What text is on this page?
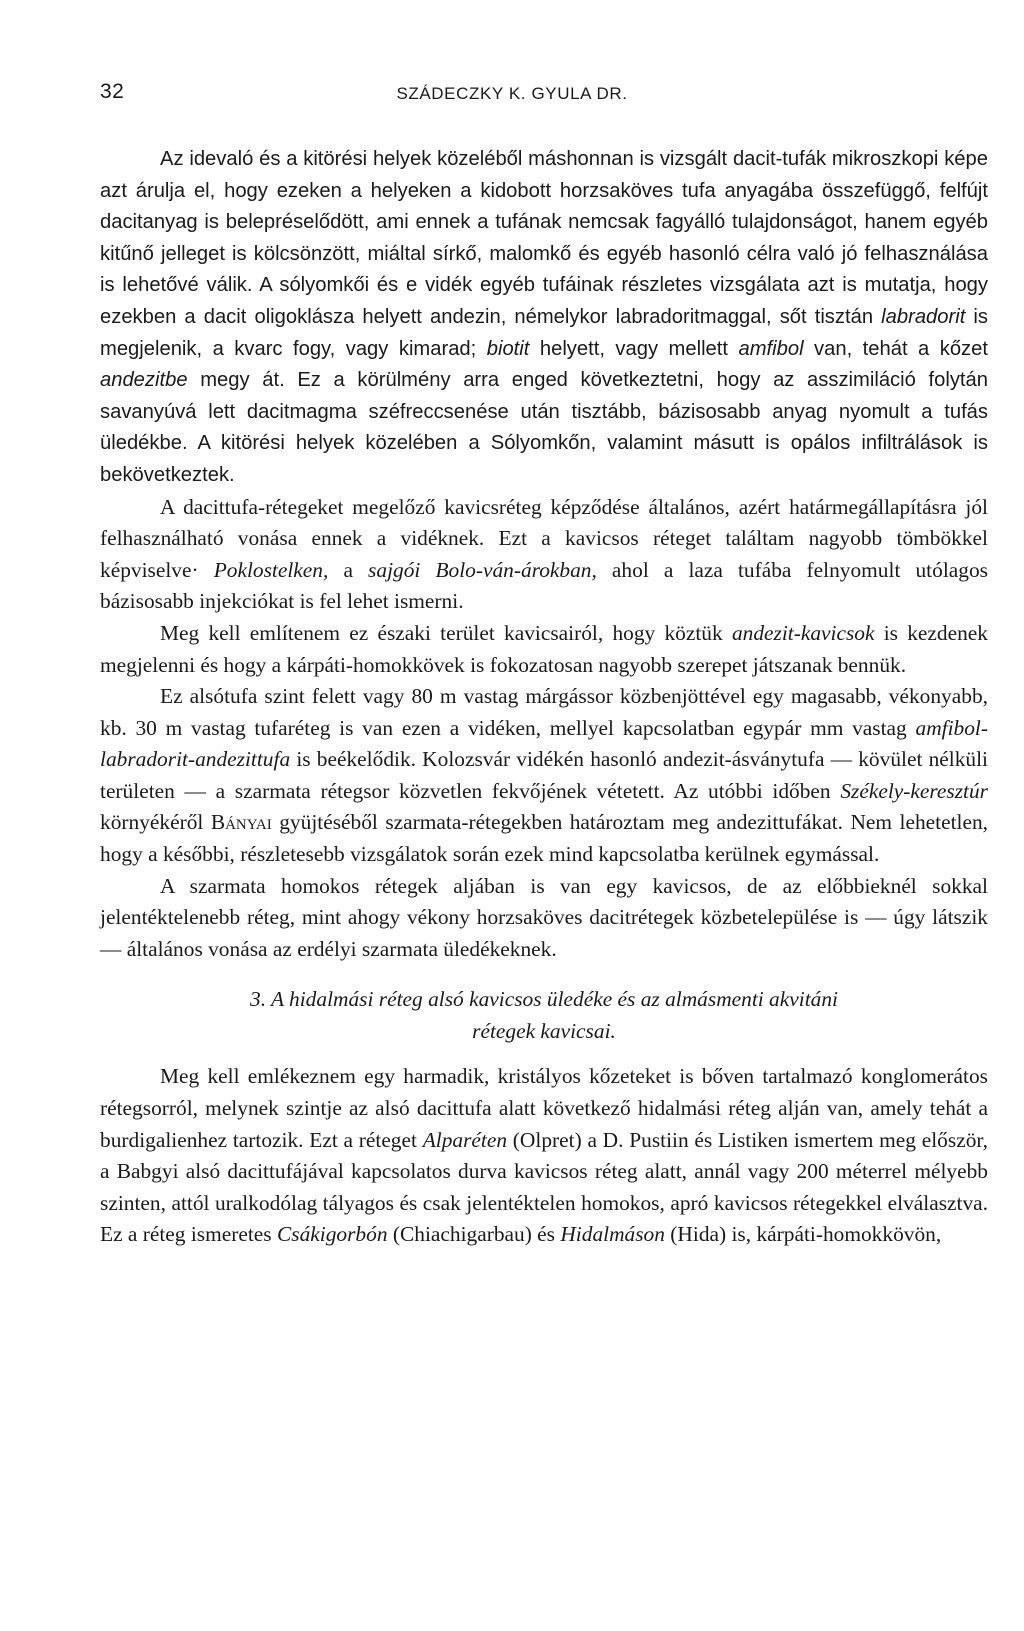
32	SZÁDECZKY K. GYULA DR.

Az idevaló és a kitörési helyek közeléből máshonnan is vizsgált dacit-tufák mikroszkopi képe azt árulja el, hogy ezeken a helyeken a kidobott horzsaköves tufa anyagába összefüggő, felfújt dacitanyag is belepréselődött, ami ennek a tufának nemcsak fagyálló tulajdonságot, hanem egyéb kitűnő jelleget is kölcsönzött, miáltal sírkő, malomkő és egyéb hasonló célra való jó felhasználása is lehetővé válik. A sólyomkői és e vidék egyéb tufáinak részletes vizsgálata azt is mutatja, hogy ezekben a dacit oligoklásza helyett andezin, némelykor labradoritmaggal, sőt tisztán labradorit is megjelenik, a kvarc fogy, vagy kimarad; biotit helyett, vagy mellett amfibol van, tehát a kőzet andezitbe megy át. Ez a körülmény arra enged következtetni, hogy az asszimiláció folytán savanyúvá lett dacitmagma széfreccsenése után tisztább, bázisosabb anyag nyomult a tufás üledékbe. A kitörési helyek közelében a Sólyomkőn, valamint másutt is opálos infiltrálások is bekövetkeztek.

A dacittufa-rétegeket megelőző kavicsréteg képződése általános, azért határmegállapításra jól felhasználható vonása ennek a vidéknek. Ezt a kavicsos réteget találtam nagyobb tömbökkel képviselve· Poklostelken, a sajgói Bolo-ván-árokban, ahol a laza tufába felnyomult utólagos bázisosabb injekciókat is fel lehet ismerni.

Meg kell említenem ez északi terület kavicsairól, hogy köztük andezit-kavicsok is kezdenek megjelenni és hogy a kárpáti-homokkövek is fokozatosan nagyobb szerepet játszanak bennük.

Ez alsótufa szint felett vagy 80 m vastag márgássor közbenjöttével egy magasabb, vékonyabb, kb. 30 m vastag tufaréteg is van ezen a vidéken, mellyel kapcsolatban egypár mm vastag amfibol-labradorit-andezittufa is beékelődik. Kolozsvár vidékén hasonló andezit-ásványtufa — kövület nélküli területen — a szarmata rétegsor közvetlen fekvőjének vétetett. Az utóbbi időben Székely-keresztúr környékéről Bányai gyüjtéséből szarmata-rétegekben határoztam meg andezittufákat. Nem lehetetlen, hogy a későbbi, részletesebb vizsgálatok során ezek mind kapcsolatba kerülnek egymással.

A szarmata homokos rétegek aljában is van egy kavicsos, de az előbbieknél sokkal jelentéktelenebb réteg, mint ahogy vékony horzsaköves dacitrétegek közbetelepülése is — úgy látszik — általános vonása az erdélyi szarmata üledékeknek.

3. A hidalmási réteg alsó kavicsos üledéke és az almásmenti akvitáni
rétegek kavicsai.

Meg kell emlékeznem egy harmadik, kristályos kőzeteket is bőven tartalmazó konglomerátos rétegsorról, melynek szintje az alsó dacittufa alatt következő hidalmási réteg alján van, amely tehát a burdigalienhez tartozik. Ezt a réteget Alparéten (Olpret) a D. Pustiin és Listiken ismertem meg először, a Babgyi alsó dacittufájával kapcsolatos durva kavicsos réteg alatt, annál vagy 200 méterrel mélyebb szinten, attól uralkodólag tályagos és csak jelentéktelen homokos, apró kavicsos rétegekkel elválasztva. Ez a réteg ismeretes Csákigorbón (Chiachigarbau) és Hidalmáson (Hida) is, kárpáti-homokkövön,
